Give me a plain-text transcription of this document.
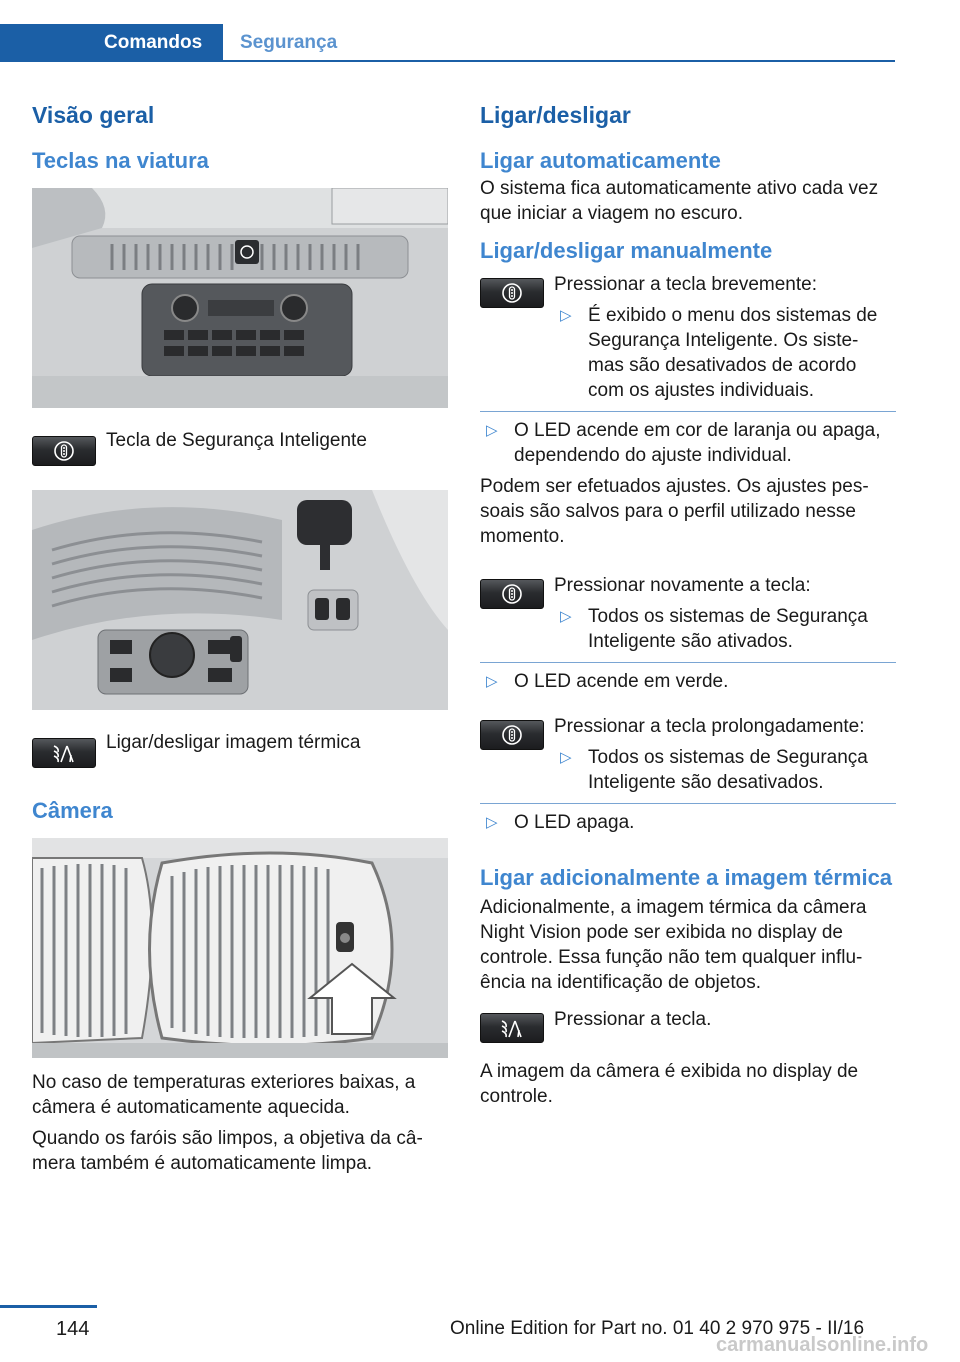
Comandos	Segurança
Visão geral
Teclas na viatura
Tecla de Segurança Inteligente
Ligar/desligar imagem térmica
Câmera

No caso de temperaturas exteriores baixas, a câmera é automaticamente aquecida.

Quando os faróis são limpos, a objetiva da câ‐ mera também é automaticamente limpa.

Ligar/desligar
Ligar automaticamente

O sistema fica automaticamente ativo cada vez que iniciar a viagem no escuro.

Ligar/desligar manualmente
Pressionar a tecla brevemente:
▷ É exibido o menu dos sistemas de Segurança Inteligente. Os siste‐ mas são desativados de acordo com os ajustes individuais.
▷ O LED acende em cor de laranja ou apaga, dependendo do ajuste individual.

Podem ser efetuados ajustes. Os ajustes pes‐ soais são salvos para o perfil utilizado nesse momento.

Pressionar novamente a tecla:
▷ Todos os sistemas de Segurança Inteligente são ativados.
▷ O LED acende em verde.
Pressionar a tecla prolongadamente:
▷ Todos os sistemas de Segurança Inteligente são desativados.
▷ O LED apaga.
Ligar adicionalmente a imagem térmica

Adicionalmente, a imagem térmica da câmera Night Vision pode ser exibida no display de controle. Essa função não tem qualquer influ‐ ência na identificação de objetos.

Pressionar a tecla.

A imagem da câmera é exibida no display de controle.

144	Online Edition for Part no. 01 40 2 970 975 - II/16
carmanualsonline.info
